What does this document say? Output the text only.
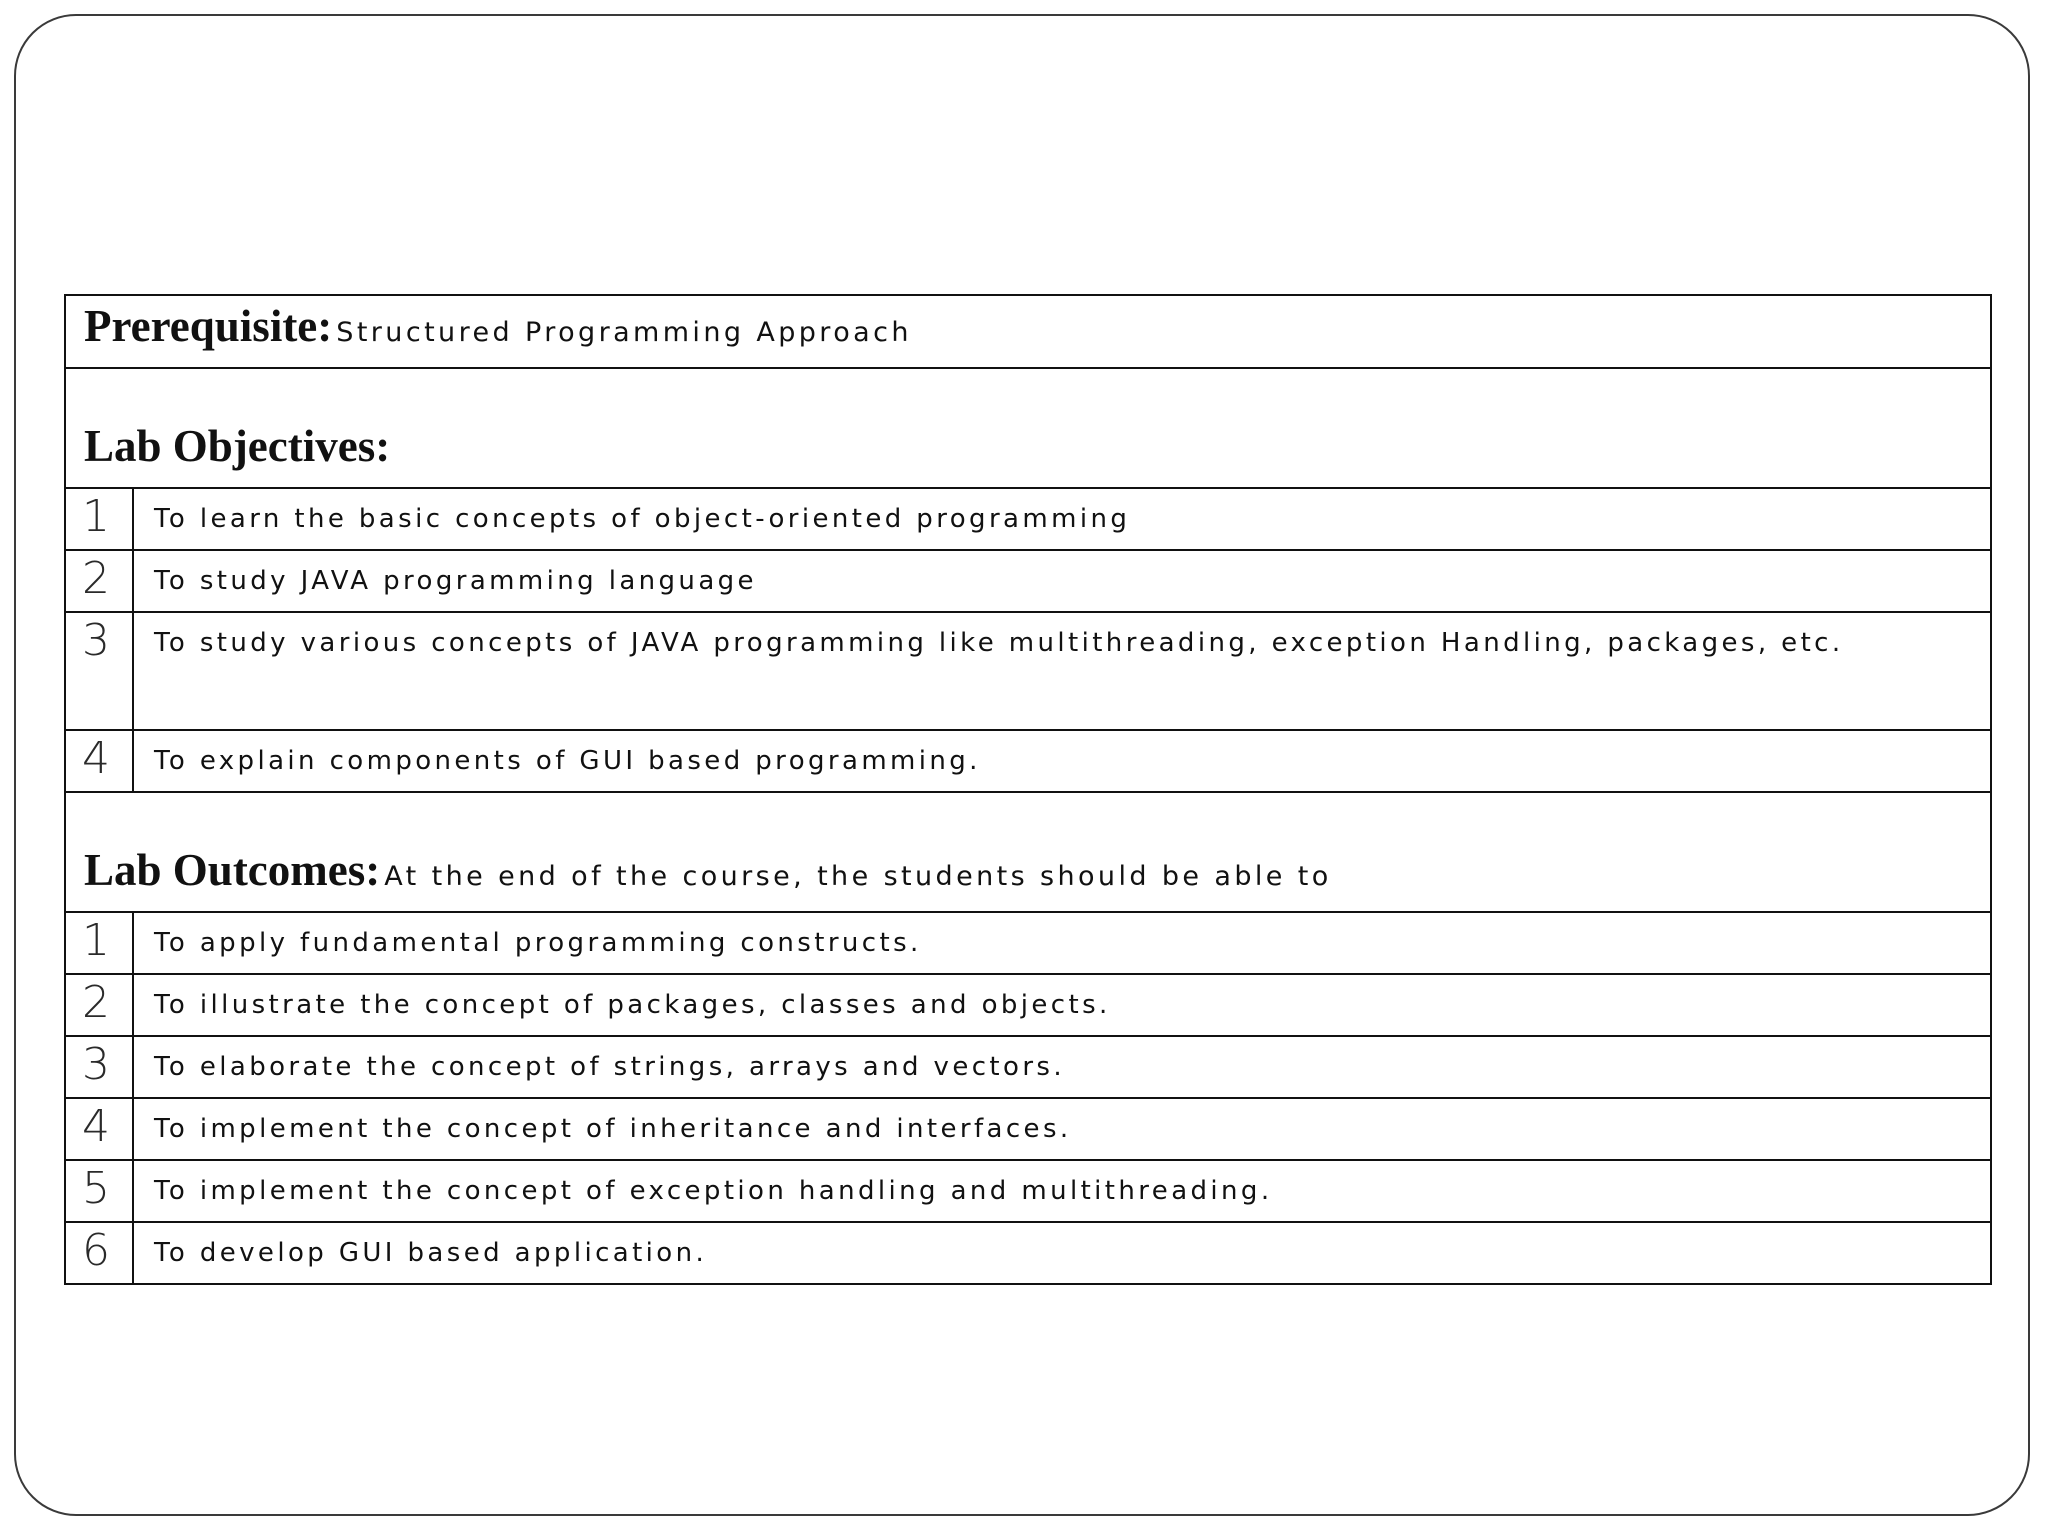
Prerequisite: Structured Programming Approach	
Lab Objectives:	
1	To learn the basic concepts of object-oriented programming
2	To study JAVA programming language
3	To study various concepts of JAVA programming like multithreading, exception Handling, packages, etc.
4	To explain components of GUI based programming.
Lab Outcomes: At the end of the course, the students should be able to	
1	To apply fundamental programming constructs.
2	To illustrate the concept of packages, classes and objects.
3	To elaborate the concept of strings, arrays and vectors.
4	To implement the concept of inheritance and interfaces.
5	To implement the concept of exception handling and multithreading.
6	To develop GUI based application.
